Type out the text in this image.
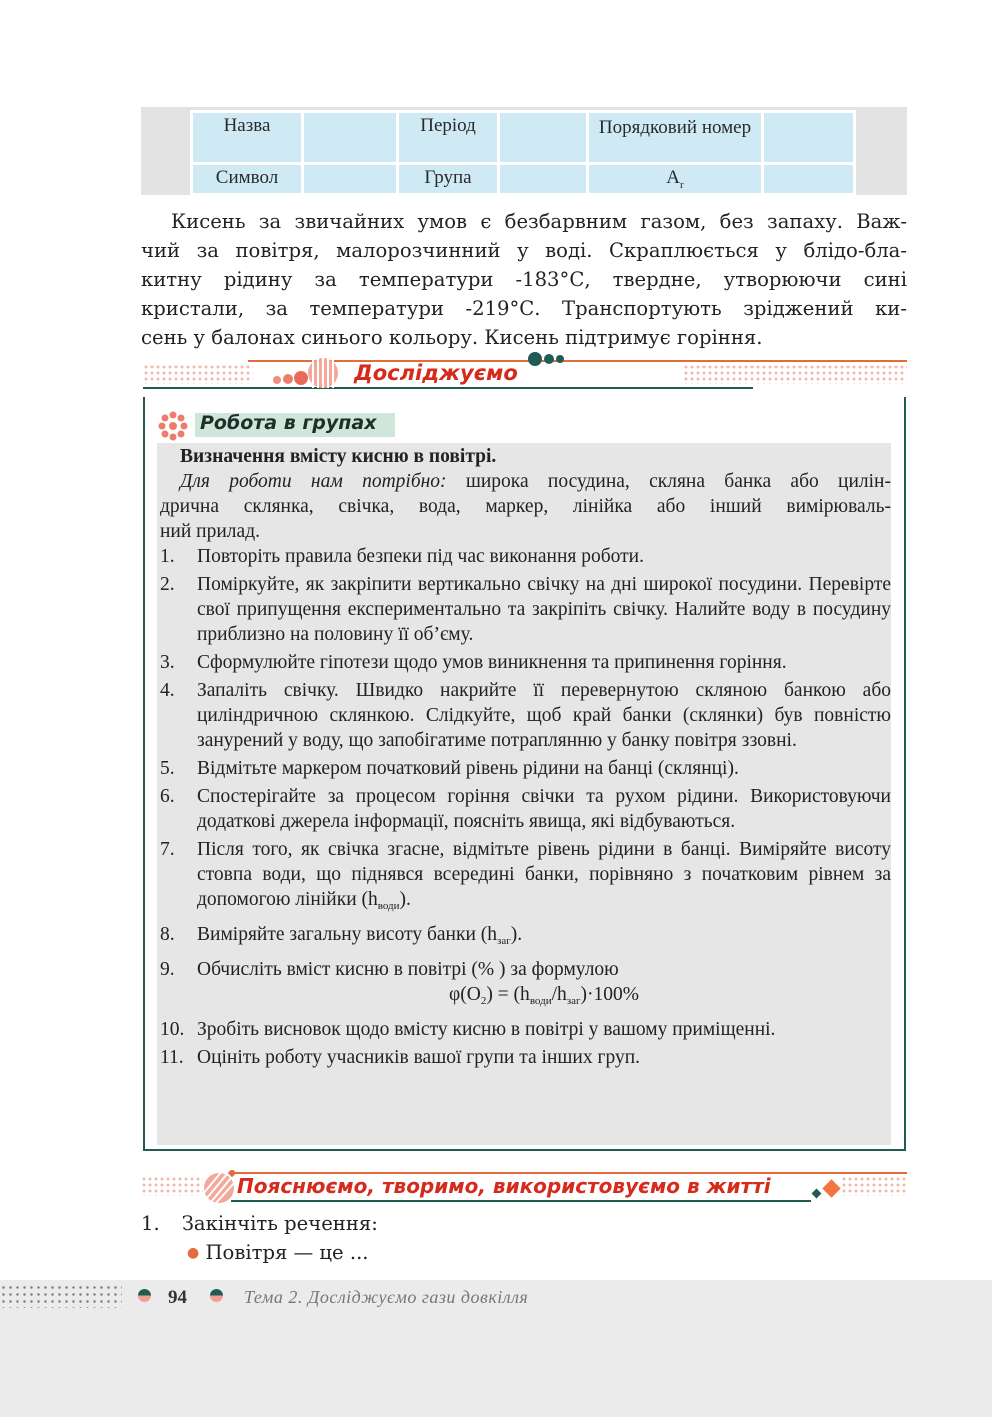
Назва		Період		Порядковий номер	
Символ		Група		$A_r$	
Кисень за звичайних умов є безбарвним газом, без запаху. Важ-
чий за повітря, малорозчинний у воді. Скраплюється у блідо-бла-
китну рідину за температури -183°С, твердне, утворюючи сині
кристали, за температури -219°С. Транспортують зріджений ки-
сень у балонах синього кольору. Кисень підтримує горіння.
Досліджуємо
Робота в групах
Визначення вмісту кисню в повітрі.
Для роботи нам потрібно: широка посудина, скляна банка або цилін-
дрична склянка, свічка, вода, маркер, лінійка або інший вимірюваль-
ний прилад.
1. Повторіть правила безпеки під час виконання роботи.
2. Поміркуйте, як закріпити вертикально свічку на дні широкої посудини. Перевірте свої припущення експериментально та закріпіть свічку. Налийте воду в посудину приблизно на половину її об’єму.
3. Сформулюйте гіпотези щодо умов виникнення та припинення горіння.
4. Запаліть свічку. Швидко накрийте її перевернутою скляною банкою або циліндричною склянкою. Слідкуйте, щоб край банки (склянки) був повністю занурений у воду, що запобігатиме потраплянню у банку повітря ззовні.
5. Відмітьте маркером початковий рівень рідини на банці (склянці).
6. Спостерігайте за процесом горіння свічки та рухом рідини. Використовуючи додаткові джерела інформації, поясніть явища, які відбуваються.
7. Після того, як свічка згасне, відмітьте рівень рідини в банці. Виміряйте висоту стовпа води, що піднявся всередині банки, порівняно з початковим рівнем за допомогою лінійки $(h_{води})$.
8. Виміряйте загальну висоту банки $(h_{заг})$.
9. Обчисліть вміст кисню в повітрі (% ) за формулою
$\varphi(O_2) = (h_{води}/h_{заг})\cdot 100\%$
10. Зробіть висновок щодо вмісту кисню в повітрі у вашому приміщенні.
11. Оцініть роботу учасників вашої групи та інших груп.
Пояснюємо, творимо, використовуємо в житті
1. Закінчіть речення:
● Повітря — це ...
94	Тема 2. Досліджуємо гази довкілля
